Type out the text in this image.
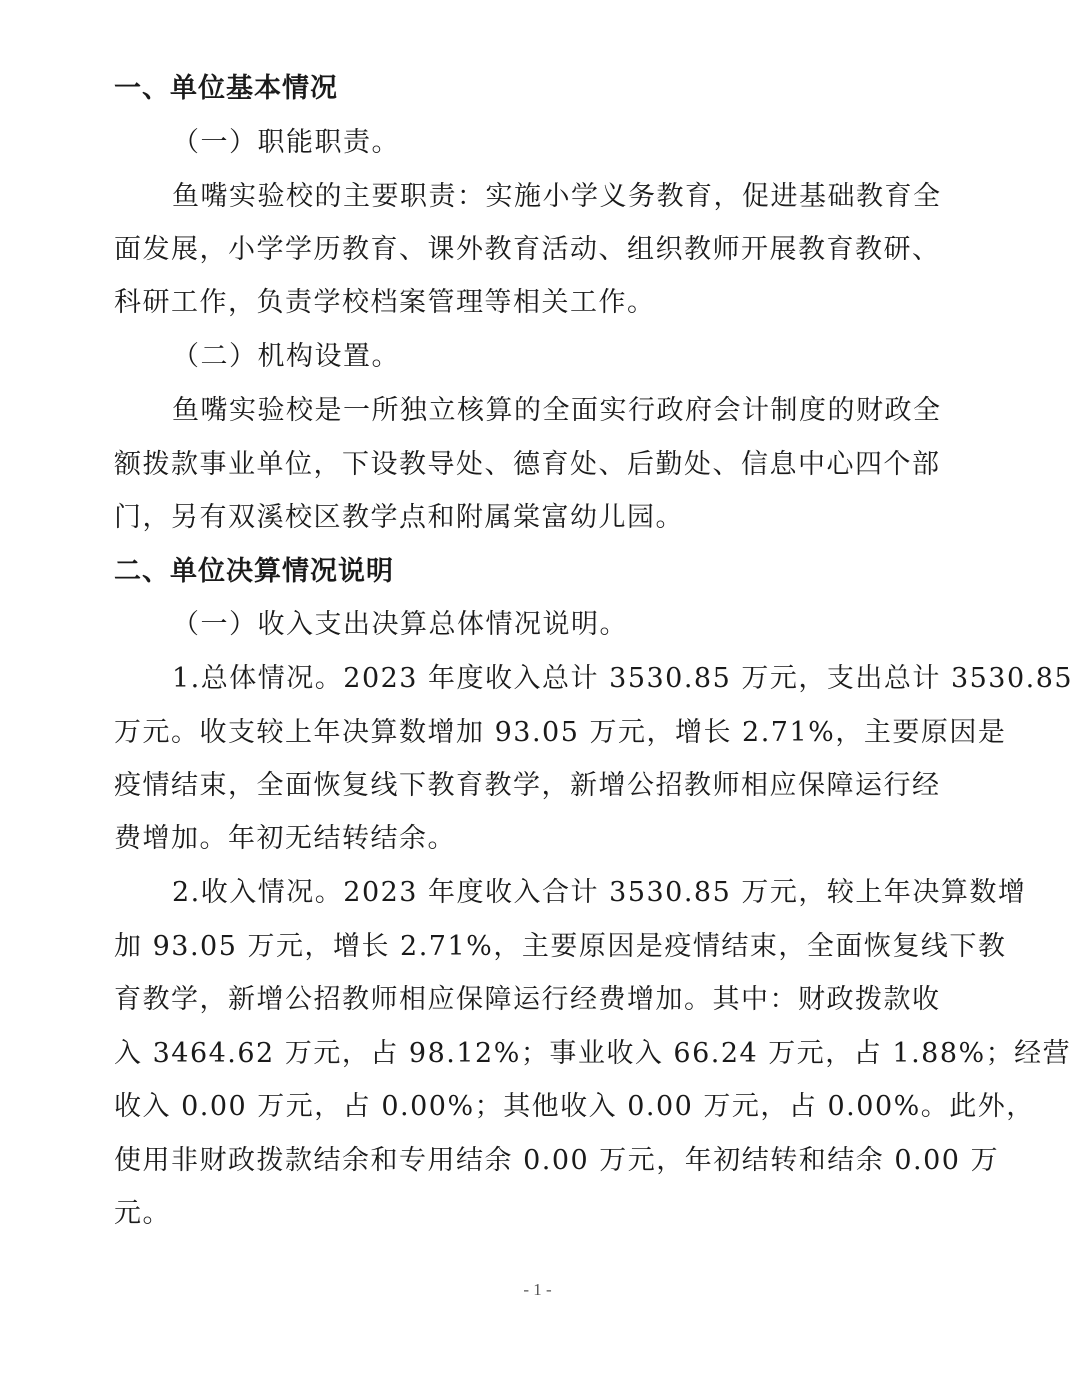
一、单位基本情况
（一）职能职责。
鱼嘴实验校的主要职责：实施小学义务教育，促进基础教育全
面发展，小学学历教育、课外教育活动、组织教师开展教育教研、
科研工作，负责学校档案管理等相关工作。
（二）机构设置。
鱼嘴实验校是一所独立核算的全面实行政府会计制度的财政全
额拨款事业单位，下设教导处、德育处、后勤处、信息中心四个部
门，另有双溪校区教学点和附属棠富幼儿园。
二、单位决算情况说明
（一）收入支出决算总体情况说明。
1.总体情况。2023 年度收入总计 3530.85 万元，支出总计 3530.85
万元。收支较上年决算数增加 93.05 万元，增长 2.71%，主要原因是
疫情结束，全面恢复线下教育教学，新增公招教师相应保障运行经
费增加。年初无结转结余。
2.收入情况。2023 年度收入合计 3530.85 万元，较上年决算数增
加 93.05 万元，增长 2.71%，主要原因是疫情结束，全面恢复线下教
育教学，新增公招教师相应保障运行经费增加。其中：财政拨款收
入 3464.62 万元，占 98.12%；事业收入 66.24 万元，占 1.88%；经营
收入 0.00 万元，占 0.00%；其他收入 0.00 万元，占 0.00%。此外，
使用非财政拨款结余和专用结余 0.00 万元，年初结转和结余 0.00 万
元。
- 1 -
